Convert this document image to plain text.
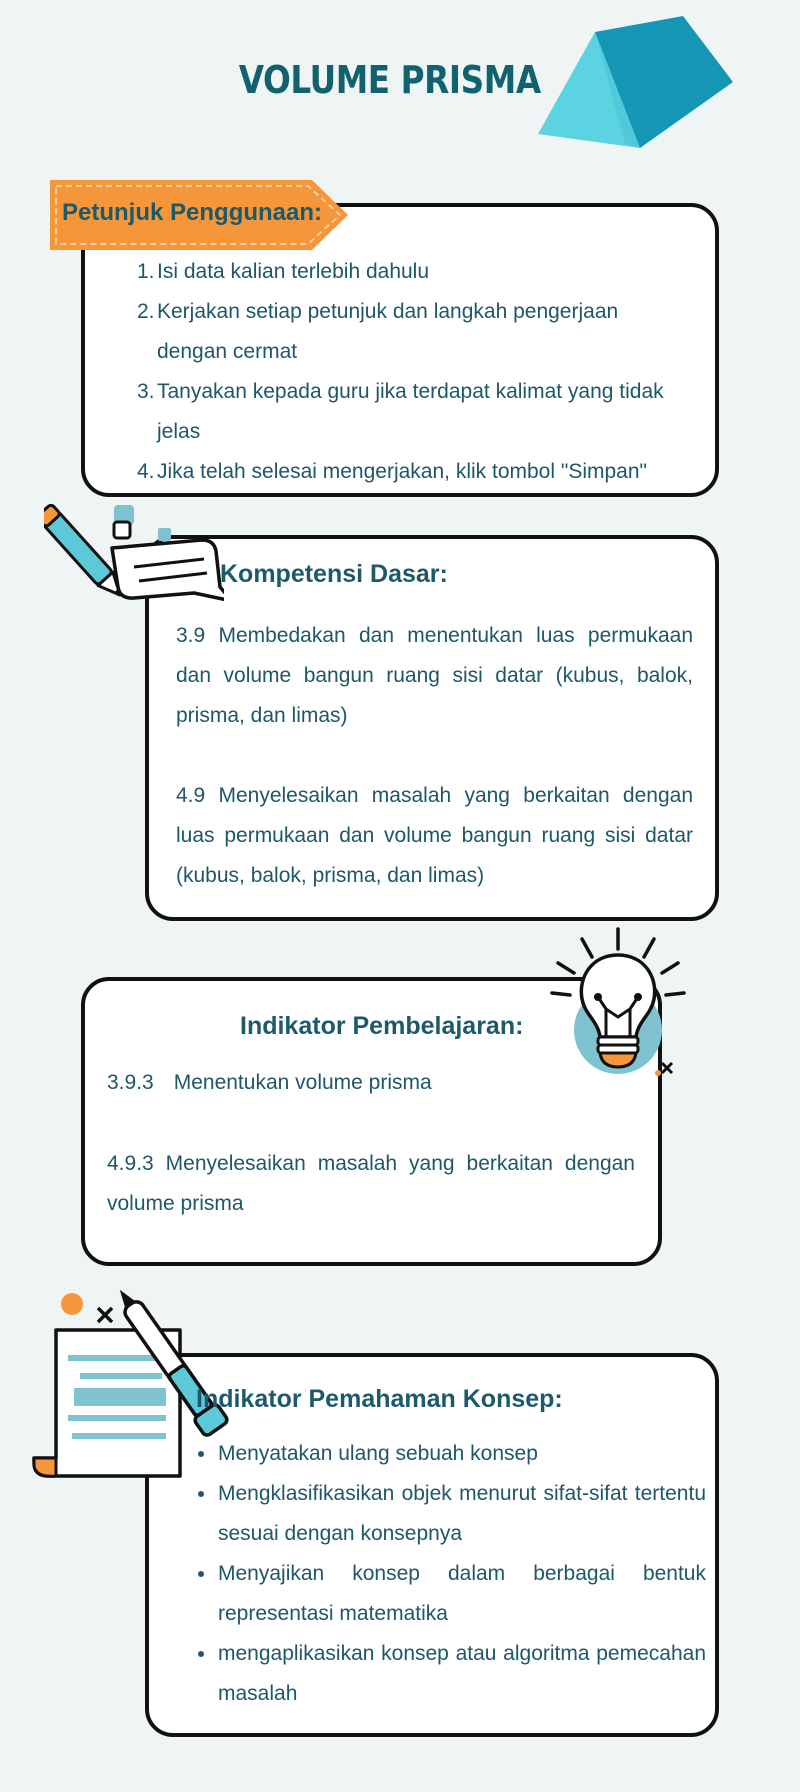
VOLUME PRISMA
Petunjuk Penggunaan:
1. Isi data kalian terlebih dahulu
2. Kerjakan setiap petunjuk dan langkah pengerjaan dengan cermat
3. Tanyakan kepada guru jika terdapat kalimat yang tidak jelas
4. Jika telah selesai mengerjakan, klik tombol "Simpan"
Kompetensi Dasar:

3.9 Membedakan dan menentukan luas permukaan dan volume bangun ruang sisi datar (kubus, balok, prisma, dan limas)

4.9 Menyelesaikan masalah yang berkaitan dengan luas permukaan dan volume bangun ruang sisi datar (kubus, balok, prisma, dan limas)

Indikator Pembelajaran:
3.9.3 Menentukan volume prisma

4.9.3 Menyelesaikan masalah yang berkaitan dengan volume prisma

Indikator Pemahaman Konsep:
Menyatakan ulang sebuah konsep
Mengklasifikasikan objek menurut sifat-sifat tertentu sesuai dengan konsepnya
Menyajikan konsep dalam berbagai bentuk representasi matematika
mengaplikasikan konsep atau algoritma pemecahan masalah
